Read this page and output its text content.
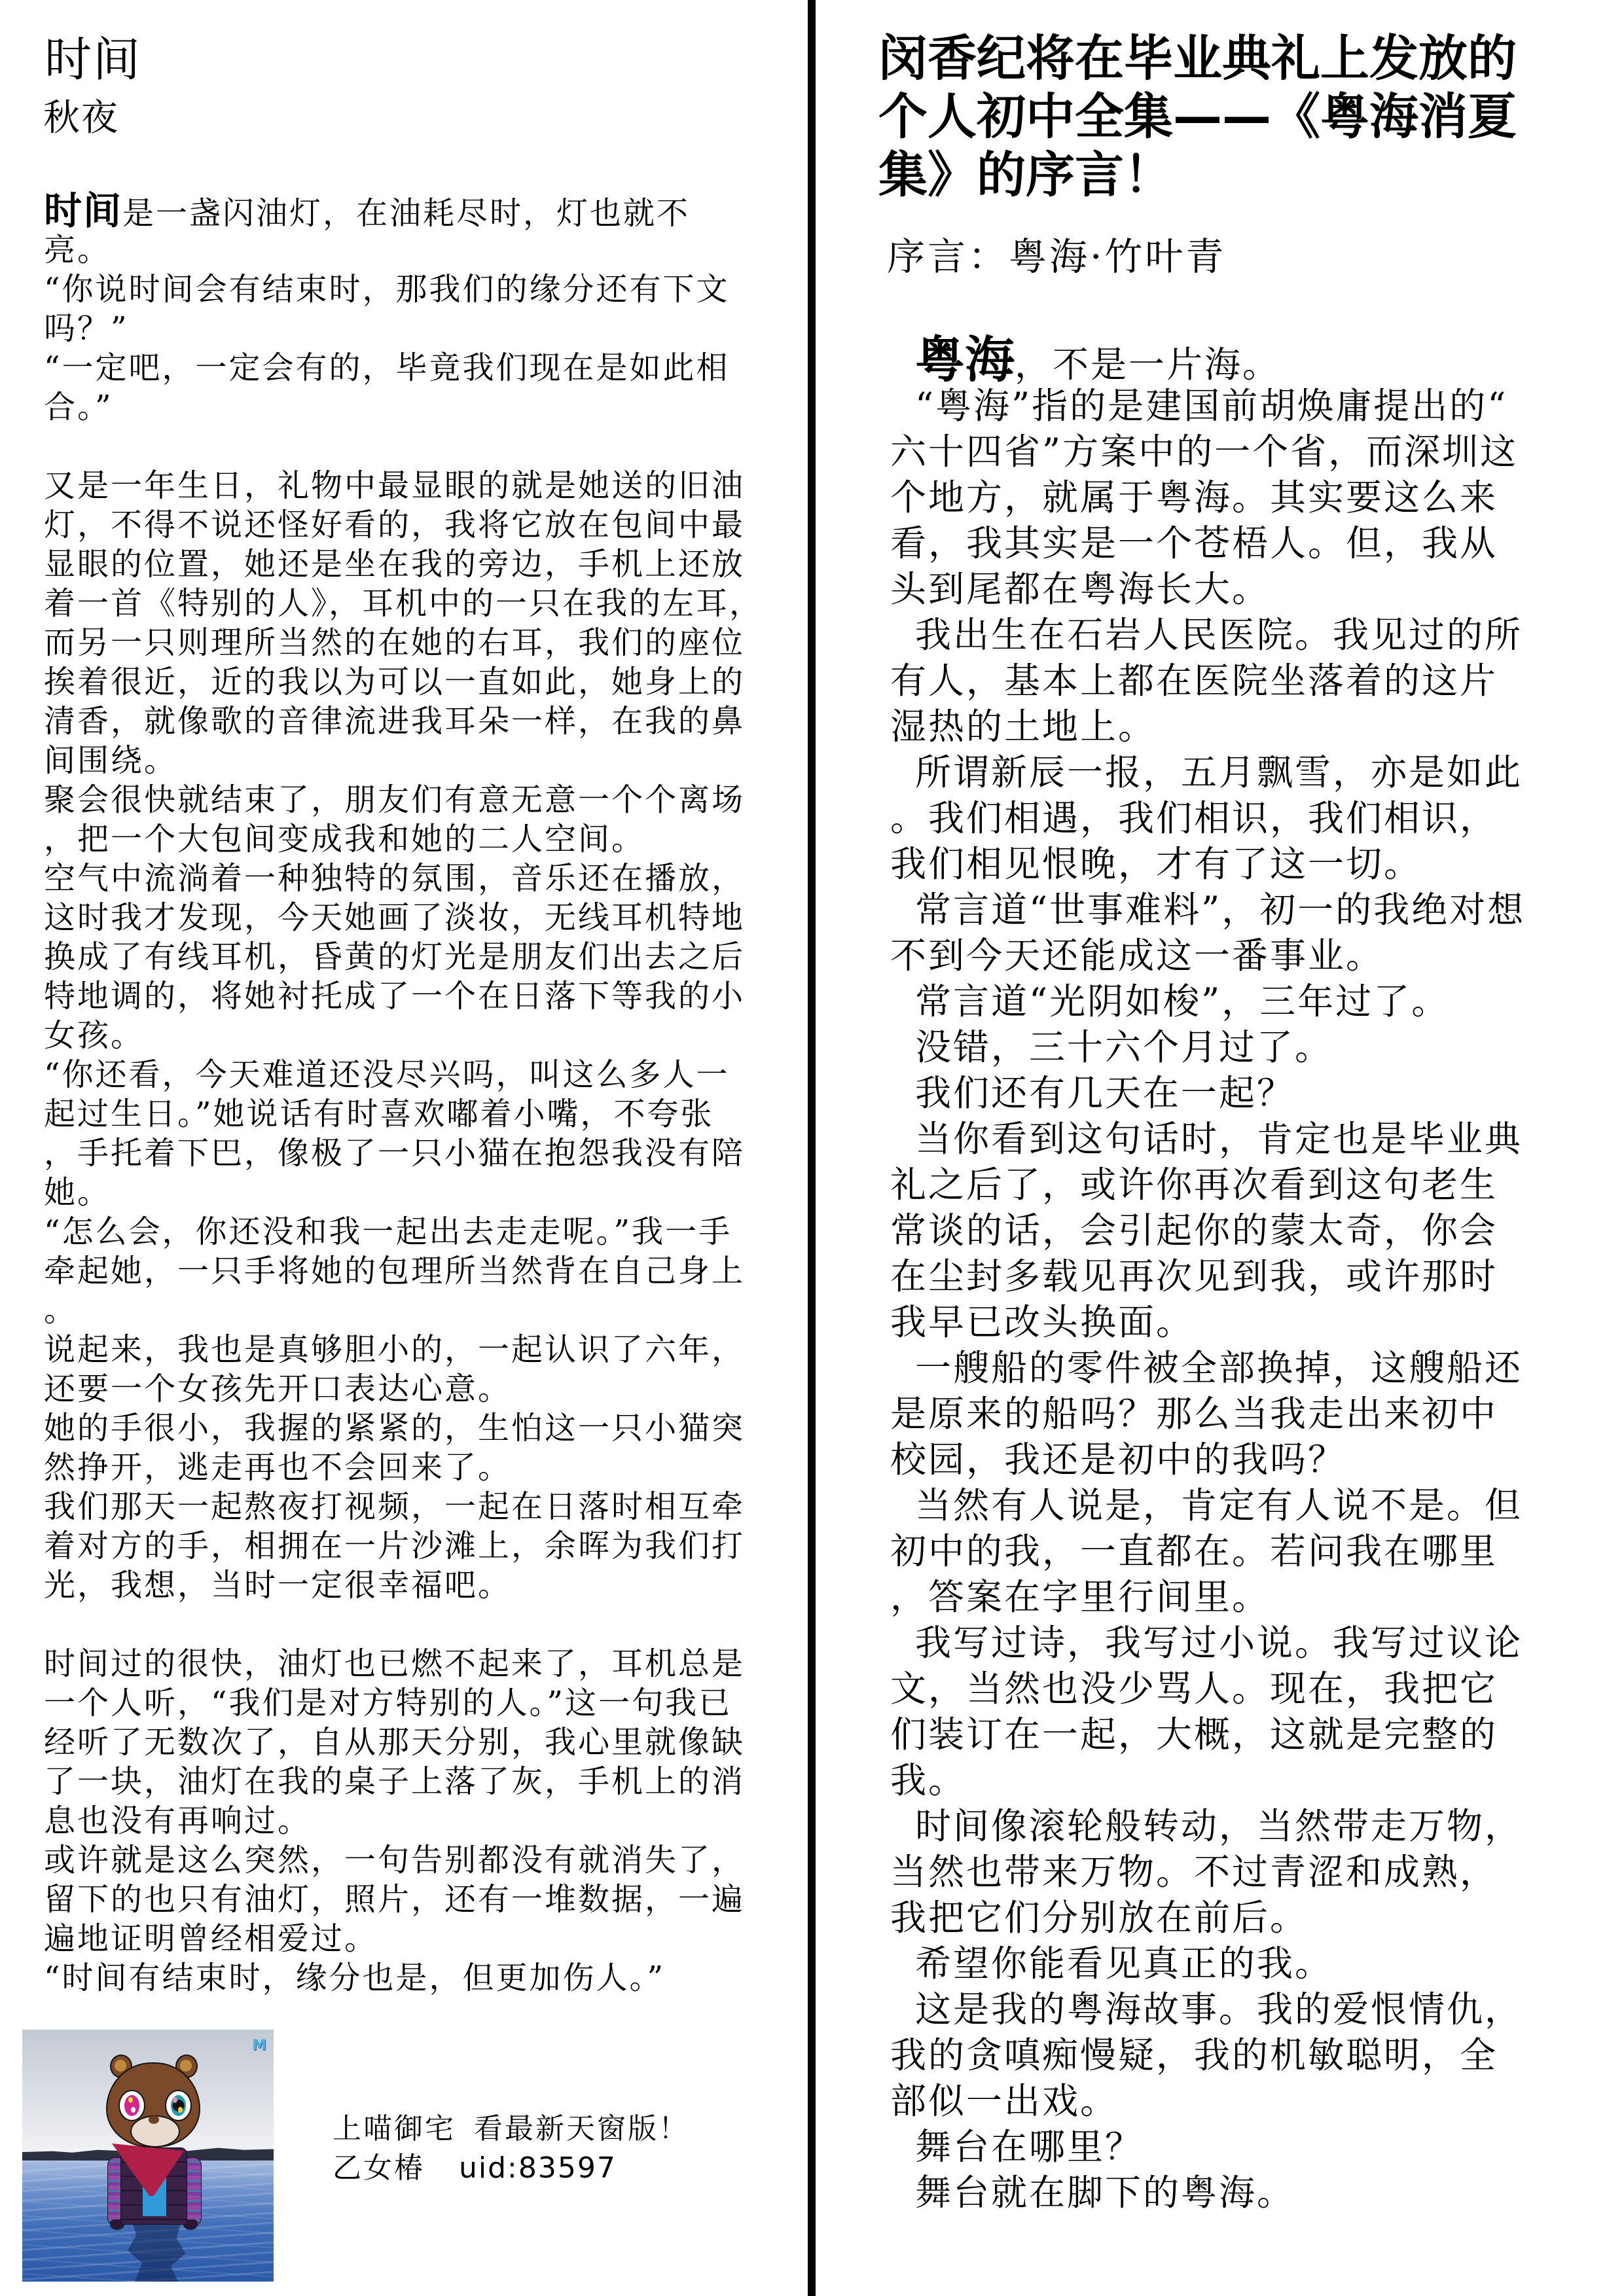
时间
秋夜
时间是一盏闪油灯，在油耗尽时，灯也就不
亮。
“你说时间会有结束时，那我们的缘分还有下文
吗？”
“一定吧，一定会有的，毕竟我们现在是如此相
合。”
又是一年生日，礼物中最显眼的就是她送的旧油
灯，不得不说还怪好看的，我将它放在包间中最
显眼的位置，她还是坐在我的旁边，手机上还放
着一首《特别的人》，耳机中的一只在我的左耳，
而另一只则理所当然的在她的右耳，我们的座位
挨着很近，近的我以为可以一直如此，她身上的
清香，就像歌的音律流进我耳朵一样，在我的鼻
间围绕。
聚会很快就结束了，朋友们有意无意一个个离场
，把一个大包间变成我和她的二人空间。
空气中流淌着一种独特的氛围，音乐还在播放，
这时我才发现，今天她画了淡妆，无线耳机特地
换成了有线耳机，昏黄的灯光是朋友们出去之后
特地调的，将她衬托成了一个在日落下等我的小
女孩。
“你还看，今天难道还没尽兴吗，叫这么多人一
起过生日。”她说话有时喜欢嘟着小嘴，不夸张
，手托着下巴，像极了一只小猫在抱怨我没有陪
她。
“怎么会，你还没和我一起出去走走呢。”我一手
牵起她，一只手将她的包理所当然背在自己身上
。
说起来，我也是真够胆小的，一起认识了六年，
还要一个女孩先开口表达心意。
她的手很小，我握的紧紧的，生怕这一只小猫突
然挣开，逃走再也不会回来了。
我们那天一起熬夜打视频，一起在日落时相互牵
着对方的手，相拥在一片沙滩上，余晖为我们打
光，我想，当时一定很幸福吧。
时间过的很快，油灯也已燃不起来了，耳机总是
一个人听，“我们是对方特别的人。”这一句我已
经听了无数次了，自从那天分别，我心里就像缺
了一块，油灯在我的桌子上落了灰，手机上的消
息也没有再响过。
或许就是这么突然，一句告别都没有就消失了，
留下的也只有油灯，照片，还有一堆数据，一遍
遍地证明曾经相爱过。
“时间有结束时，缘分也是，但更加伤人。”
M
上喵御宅 看最新天窗版！
乙女椿 uid:83597
闵香纪将在毕业典礼上发放的
个人初中全集——《粤海消夏
集》的序言！
序言：粤海·竹叶青
粤海，不是一片海。
“粤海”指的是建国前胡焕庸提出的“
六十四省”方案中的一个省，而深圳这
个地方，就属于粤海。其实要这么来
看，我其实是一个苍梧人。但，我从
头到尾都在粤海长大。
我出生在石岩人民医院。我见过的所
有人，基本上都在医院坐落着的这片
湿热的土地上。
所谓新辰一报，五月飘雪，亦是如此
。我们相遇，我们相识，我们相识，
我们相见恨晚，才有了这一切。
常言道“世事难料”，初一的我绝对想
不到今天还能成这一番事业。
常言道“光阴如梭”，三年过了。
没错，三十六个月过了。
我们还有几天在一起？
当你看到这句话时，肯定也是毕业典
礼之后了，或许你再次看到这句老生
常谈的话，会引起你的蒙太奇，你会
在尘封多载见再次见到我，或许那时
我早已改头换面。
一艘船的零件被全部换掉，这艘船还
是原来的船吗？那么当我走出来初中
校园，我还是初中的我吗？
当然有人说是，肯定有人说不是。但
初中的我，一直都在。若问我在哪里
，答案在字里行间里。
我写过诗，我写过小说。我写过议论
文，当然也没少骂人。现在，我把它
们装订在一起，大概，这就是完整的
我。
时间像滚轮般转动，当然带走万物，
当然也带来万物。不过青涩和成熟，
我把它们分别放在前后。
希望你能看见真正的我。
这是我的粤海故事。我的爱恨情仇，
我的贪嗔痴慢疑，我的机敏聪明，全
部似一出戏。
舞台在哪里？
舞台就在脚下的粤海。
